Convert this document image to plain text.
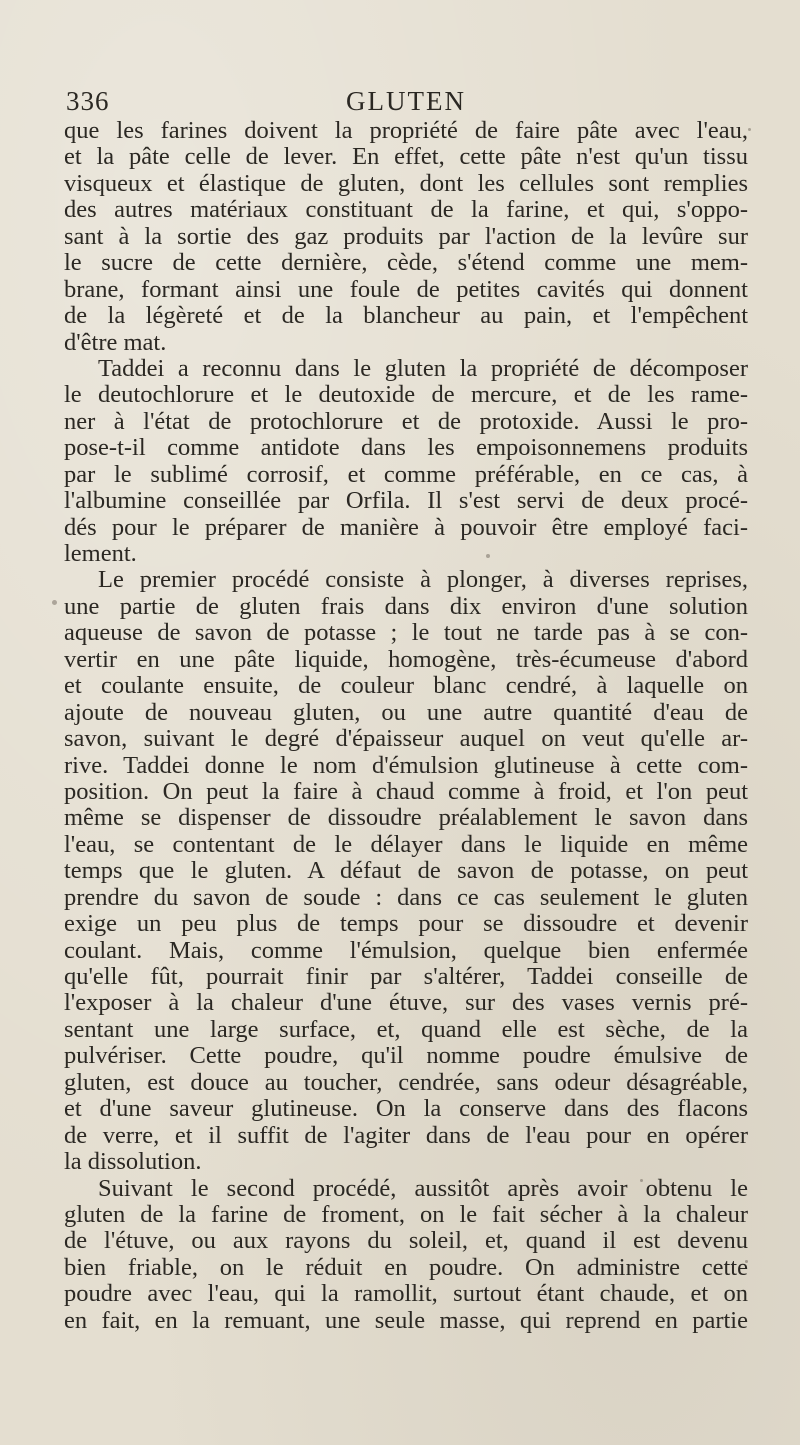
336	GLUTEN
que les farines doivent la propriété de faire pâte avec l'eau,
et la pâte celle de lever. En effet, cette pâte n'est qu'un tissu
visqueux et élastique de gluten, dont les cellules sont remplies
des autres matériaux constituant de la farine, et qui, s'oppo-
sant à la sortie des gaz produits par l'action de la levûre sur
le sucre de cette dernière, cède, s'étend comme une mem-
brane, formant ainsi une foule de petites cavités qui donnent
de la légèreté et de la blancheur au pain, et l'empêchent
d'être mat.
Taddei a reconnu dans le gluten la propriété de décomposer
le deutochlorure et le deutoxide de mercure, et de les rame-
ner à l'état de protochlorure et de protoxide. Aussi le pro-
pose-t-il comme antidote dans les empoisonnemens produits
par le sublimé corrosif, et comme préférable, en ce cas, à
l'albumine conseillée par Orfila. Il s'est servi de deux procé-
dés pour le préparer de manière à pouvoir être employé faci-
lement.
Le premier procédé consiste à plonger, à diverses reprises,
une partie de gluten frais dans dix environ d'une solution
aqueuse de savon de potasse ; le tout ne tarde pas à se con-
vertir en une pâte liquide, homogène, très-écumeuse d'abord
et coulante ensuite, de couleur blanc cendré, à laquelle on
ajoute de nouveau gluten, ou une autre quantité d'eau de
savon, suivant le degré d'épaisseur auquel on veut qu'elle ar-
rive. Taddei donne le nom d'émulsion glutineuse à cette com-
position. On peut la faire à chaud comme à froid, et l'on peut
même se dispenser de dissoudre préalablement le savon dans
l'eau, se contentant de le délayer dans le liquide en même
temps que le gluten. A défaut de savon de potasse, on peut
prendre du savon de soude : dans ce cas seulement le gluten
exige un peu plus de temps pour se dissoudre et devenir
coulant. Mais, comme l'émulsion, quelque bien enfermée
qu'elle fût, pourrait finir par s'altérer, Taddei conseille de
l'exposer à la chaleur d'une étuve, sur des vases vernis pré-
sentant une large surface, et, quand elle est sèche, de la
pulvériser. Cette poudre, qu'il nomme poudre émulsive de
gluten, est douce au toucher, cendrée, sans odeur désagréable,
et d'une saveur glutineuse. On la conserve dans des flacons
de verre, et il suffit de l'agiter dans de l'eau pour en opérer
la dissolution.
Suivant le second procédé, aussitôt après avoir obtenu le
gluten de la farine de froment, on le fait sécher à la chaleur
de l'étuve, ou aux rayons du soleil, et, quand il est devenu
bien friable, on le réduit en poudre. On administre cette
poudre avec l'eau, qui la ramollit, surtout étant chaude, et on
en fait, en la remuant, une seule masse, qui reprend en partie
